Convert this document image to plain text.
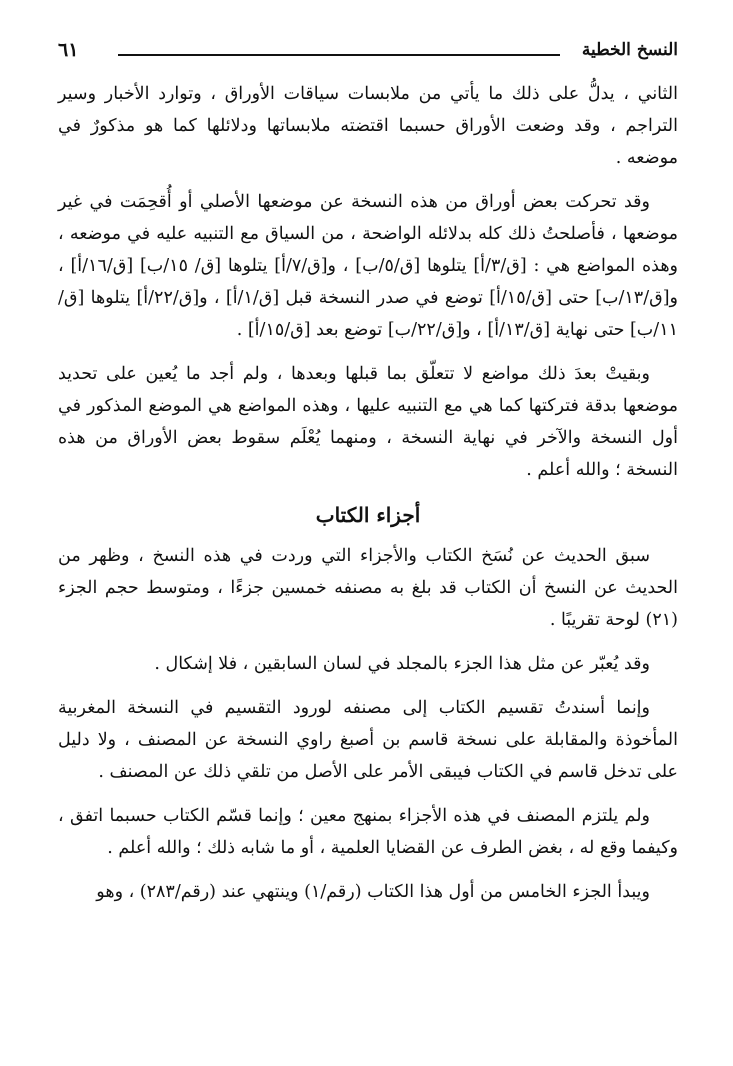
النسخ الخطية
٦١

الثاني ، يدلُّ على ذلك ما يأتي من ملابسات سياقات الأوراق ، وتوارد الأخبار وسير التراجم ، وقد وضعت الأوراق حسبما اقتضته ملابساتها ودلائلها كما هو مذكورٌ في موضعه .

وقد تحركت بعض أوراق من هذه النسخة عن موضعها الأصلي أو أُقحِمَت في غير موضعها ، فأصلحتُ ذلك كله بدلائله الواضحة ، من السياق مع التنبيه عليه في موضعه ، وهذه المواضع هي : [ق/٣/أ] يتلوها [ق/٥/ب] ، و[ق/٧/أ] يتلوها [ق/ ١٥/ب] [ق/١٦/أ] ، و[ق/١٣/ب] حتى [ق/١٥/أ] توضع في صدر النسخة قبل [ق/١/أ] ، و[ق/٢٢/أ] يتلوها [ق/١١/ب] حتى نهاية [ق/١٣/أ] ، و[ق/٢٢/ب] توضع بعد [ق/١٥/أ] .

وبقيتْ بعدَ ذلك مواضع لا تتعلّق بما قبلها وبعدها ، ولم أجد ما يُعين على تحديد موضعها بدقة فتركتها كما هي مع التنبيه عليها ، وهذه المواضع هي الموضع المذكور في أول النسخة والآخر في نهاية النسخة ، ومنهما يُعْلَم سقوط بعض الأوراق من هذه النسخة ؛ والله أعلم .

أجزاء الكتاب

سبق الحديث عن نُسَخ الكتاب والأجزاء التي وردت في هذه النسخ ، وظهر من الحديث عن النسخ أن الكتاب قد بلغ به مصنفه خمسين جزءًا ، ومتوسط حجم الجزء (٢١) لوحة تقريبًا .

وقد يُعبّر عن مثل هذا الجزء بالمجلد في لسان السابقين ، فلا إشكال .

وإنما أسندتُ تقسيم الكتاب إلى مصنفه لورود التقسيم في النسخة المغربية المأخوذة والمقابلة على نسخة قاسم بن أصبغ راوي النسخة عن المصنف ، ولا دليل على تدخل قاسم في الكتاب فيبقى الأمر على الأصل من تلقي ذلك عن المصنف .

ولم يلتزم المصنف في هذه الأجزاء بمنهج معين ؛ وإنما قسّم الكتاب حسبما اتفق ، وكيفما وقع له ، بغض الطرف عن القضايا العلمية ، أو ما شابه ذلك ؛ والله أعلم .

ويبدأ الجزء الخامس من أول هذا الكتاب (رقم/١) وينتهي عند (رقم/٢٨٣) ، وهو
